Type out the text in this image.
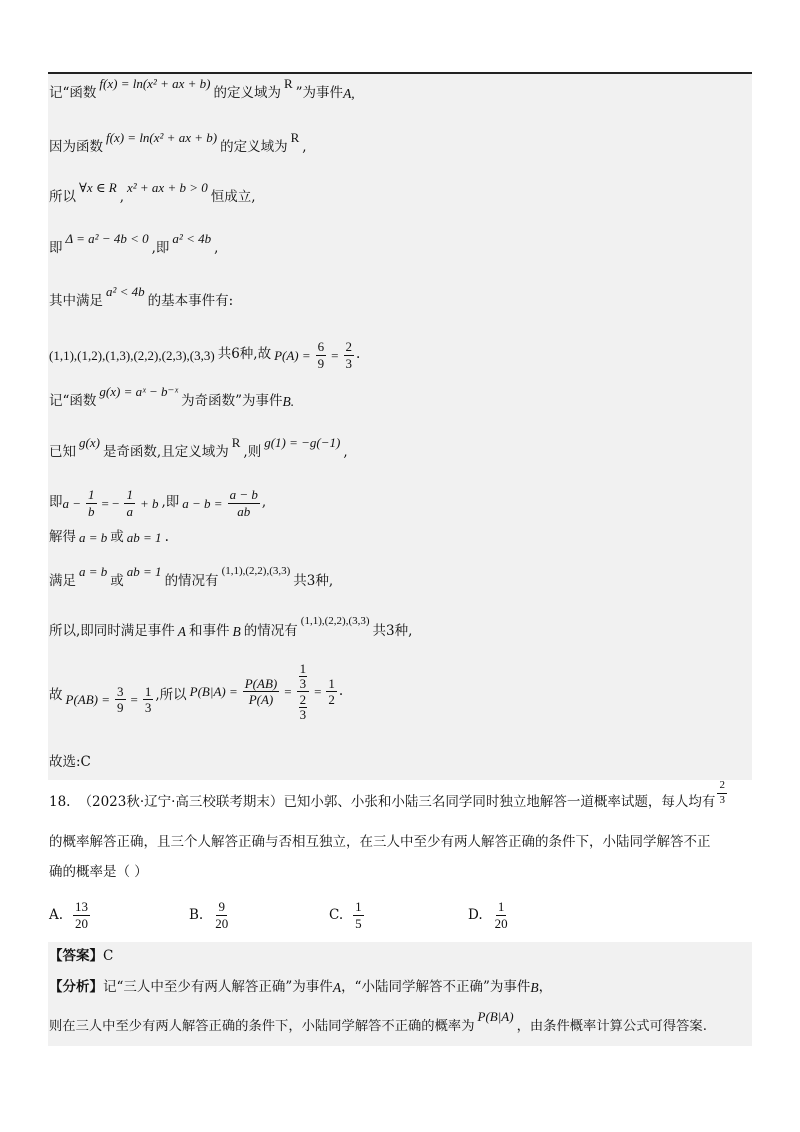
记“函数
f(x) = ln(x² + ax + b)
的定义域为
R
”为事件 A,
因为函数
f(x) = ln(x² + ax + b)
的定义域为
R
,
所以
∀x ∈ R
,
x² + ax + b > 0
恒成立,
即
Δ = a² − 4b < 0
,即
a² < 4b
,
其中满足
a² < 4b
的基本事件有:
(1,1),(1,2),(1,3),(2,2),(2,3),(3,3) 共6种,故 $P(A) = \frac{6}{9} = \frac{2}{3}$ .
记“函数
g(x) = aˣ − b⁻ˣ
为奇函数”为事件 B.
已知
g(x)
是奇函数,且定义域为
R
,则
g(1) = −g(−1)
,
即 $a - \frac{1}{b}$ = − $\frac{1}{a} + b$ ,即 $a - b = \frac{a - b}{ab}$ ,
解得 a = b 或 ab = 1 .
满足
a = b
或
ab = 1
的情况有
(1,1),(2,2),(3,3)
共3种,
所以,即同时满足事件 A 和事件 B 的情况有
(1,1),(2,2),(3,3)
共3种,
故 $P(AB) = \frac{3}{9} = \frac{1}{3}$ ,所以 $P(B|A) = \frac{P(AB)}{P(A)} = \frac{\frac{1}{3}}{\frac{2}{3}} = \frac{1}{2}$ .
故选:C
18. （2023秋·辽宁·高三校联考期末） 已知小郭、小张和小陆三名同学同时独立地解答一道概率试题，每人均有 $\frac{2}{3}$
的概率解答正确，且三个人解答正确与否相互独立，在三人中至少有两人解答正确的条件下，小陆同学解答不正
确的概率是（ ）
A. $\frac{13}{20}$	B. $\frac{9}{20}$	C. $\frac{1}{5}$	D. $\frac{1}{20}$
【答案】 C
【分析】 记“三人中至少有两人解答正确”为事件 A ，“小陆同学解答不正确”为事件 B ，
则在三人中至少有两人解答正确的条件下，小陆同学解答不正确的概率为
P(B|A)
，由条件概率计算公式可得答案.
